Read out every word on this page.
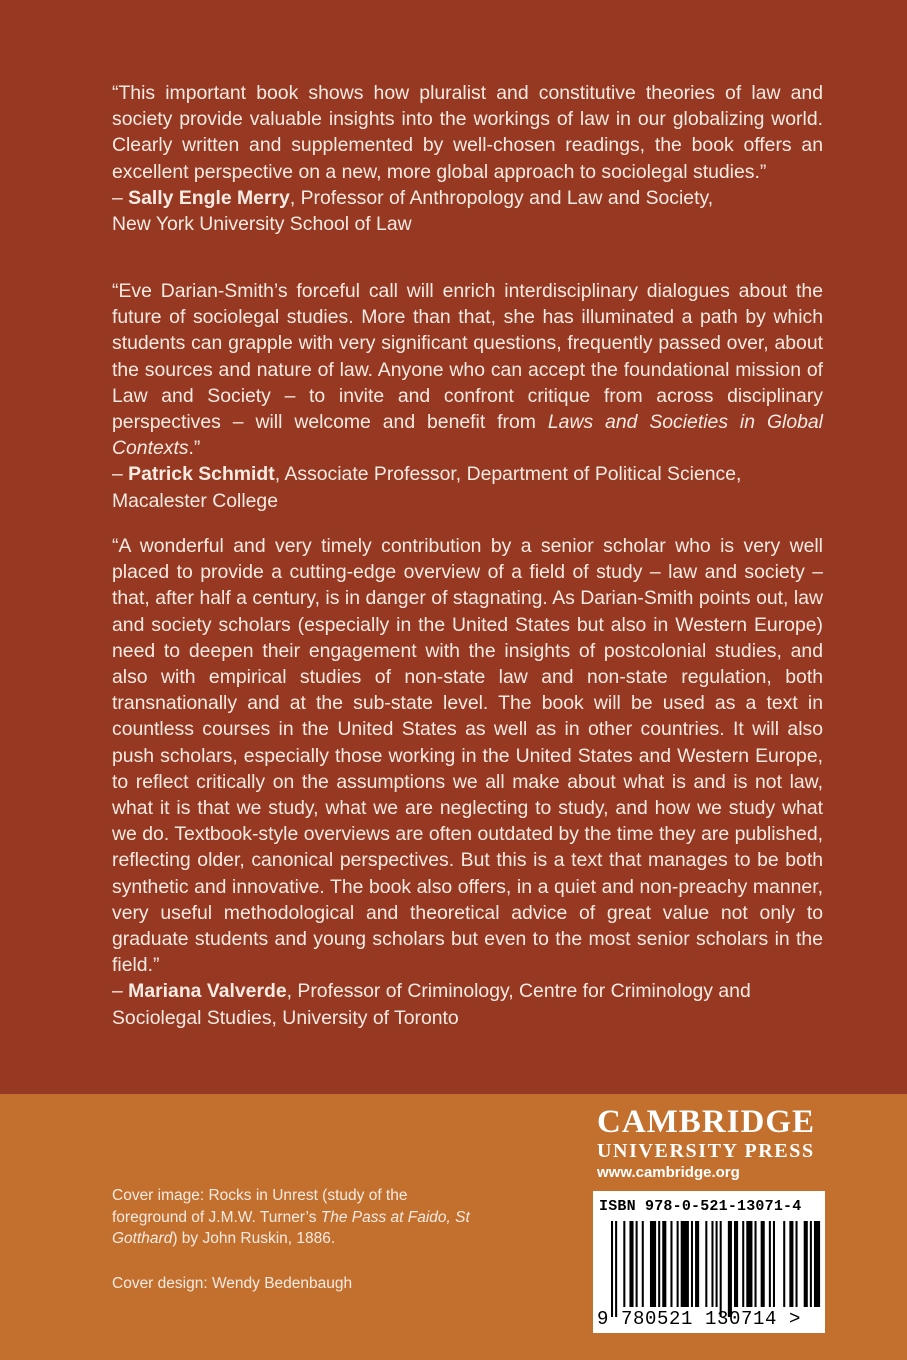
“This important book shows how pluralist and constitutive theories of law and society provide valuable insights into the workings of law in our globalizing world. Clearly written and supplemented by well-chosen readings, the book offers an excellent perspective on a new, more global approach to sociolegal studies.”

– Sally Engle Merry, Professor of Anthropology and Law and Society,

New York University School of Law

“Eve Darian-Smith’s forceful call will enrich interdisciplinary dialogues about the future of sociolegal studies. More than that, she has illuminated a path by which students can grapple with very significant questions, frequently passed over, about the sources and nature of law. Anyone who can accept the foundational mission of Law and Society – to invite and confront critique from across disciplinary perspectives – will welcome and benefit from Laws and Societies in Global Contexts.”

– Patrick Schmidt, Associate Professor, Department of Political Science,

Macalester College

“A wonderful and very timely contribution by a senior scholar who is very well placed to provide a cutting-edge overview of a field of study – law and society – that, after half a century, is in danger of stagnating. As Darian-Smith points out, law and society scholars (especially in the United States but also in Western Europe) need to deepen their engagement with the insights of postcolonial studies, and also with empirical studies of non-state law and non-state regulation, both transnationally and at the sub-state level. The book will be used as a text in countless courses in the United States as well as in other countries. It will also push scholars, especially those working in the United States and Western Europe, to reflect critically on the assumptions we all make about what is and is not law, what it is that we study, what we are neglecting to study, and how we study what we do. Textbook-style overviews are often outdated by the time they are published, reflecting older, canonical perspectives. But this is a text that manages to be both synthetic and innovative. The book also offers, in a quiet and non-preachy manner, very useful methodological and theoretical advice of great value not only to graduate students and young scholars but even to the most senior scholars in the field.”

– Mariana Valverde, Professor of Criminology, Centre for Criminology and

Sociolegal Studies, University of Toronto

CAMBRIDGE
UNIVERSITY PRESS
www.cambridge.org
Cover image: Rocks in Unrest (study of the foreground of J.M.W. Turner’s The Pass at Faido, St Gotthard) by John Ruskin, 1886.
Cover design: Wendy Bedenbaugh
ISBN 978-0-521-13071-4
9 780521 130714 >
